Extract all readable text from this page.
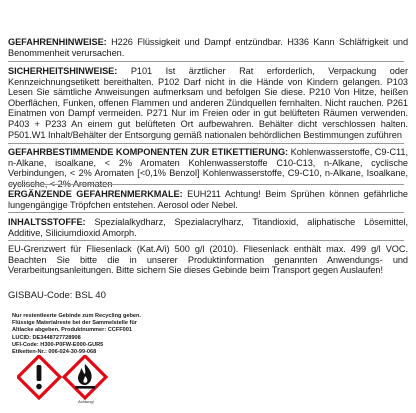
GEFAHRENHINWEISE: H226 Flüssigkeit und Dampf entzündbar. H336 Kann Schläfrigkeit und Benommenheit verursachen.

SICHERHEITSHINWEISE: P101 Ist ärztlicher Rat erforderlich, Verpackung oder Kennzeichnungsetikett bereithalten. P102 Darf nicht in die Hände von Kindern gelangen. P103 Lesen Sie sämtliche Anweisungen aufmerksam und befolgen Sie diese. P210 Von Hitze, heißen Oberflächen, Funken, offenen Flammen und anderen Zündquellen fernhalten. Nicht rauchen. P261 Einatmen von Dampf vermeiden. P271 Nur im Freien oder in gut belüfteten Räumen verwenden. P403 + P233 An einem gut belüfteten Ort aufbewahren. Behälter dicht verschlossen halten. P501.W1 Inhalt/Behälter der Entsorgung gemäß nationalen behördlichen Bestimmungen zuführen

GEFAHRBESTIMMENDE KOMPONENTEN ZUR ETIKETTIERUNG: Kohlenwasserstoffe, C9-C11, n-Alkane, isoalkane, < 2% Aromaten Kohlenwasserstoffe C10-C13, n-Alkane, cyclische Verbindungen, < 2% Aromaten [<0,1% Benzol] Kohlenwasserstoffe, C9-C10, n-Alkane, Isoalkane, cyclische, < 2% Aromaten

ERGÄNZENDE GEFAHRENMERKMALE: EUH211 Achtung! Beim Sprühen können gefährliche lungengängige Tröpfchen entstehen. Aerosol oder Nebel.

INHALTSSTOFFE: Spezialalkydharz, Spezialacrylharz, Titandioxid, aliphatische Lösemittel, Additive, Siliciumdioxid Amorph.

EU-Grenzwert für Fliesenlack (Kat.A/i) 500 g/l (2010). Fliesenlack enthält max. 499 g/l VOC. Beachten Sie bitte die in unserer Produktinformation genannten Anwendungs- und Verarbeitungsanleitungen. Bitte sichern Sie dieses Gebinde beim Transport gegen Auslaufen!

GISBAU-Code: BSL 40
Nur restentleerte Gebinde zum Recycling geben.
Flüssige Materialreste bei der Sammelstelle für
Altlacke abgeben. Produktnummer: CCFF001
LUCID: DE3448727728908
UFI-Code: H300-P0FW-E000-GUR5
Etiketten-Nr.: 006-024-30-99-068
Achtung!
